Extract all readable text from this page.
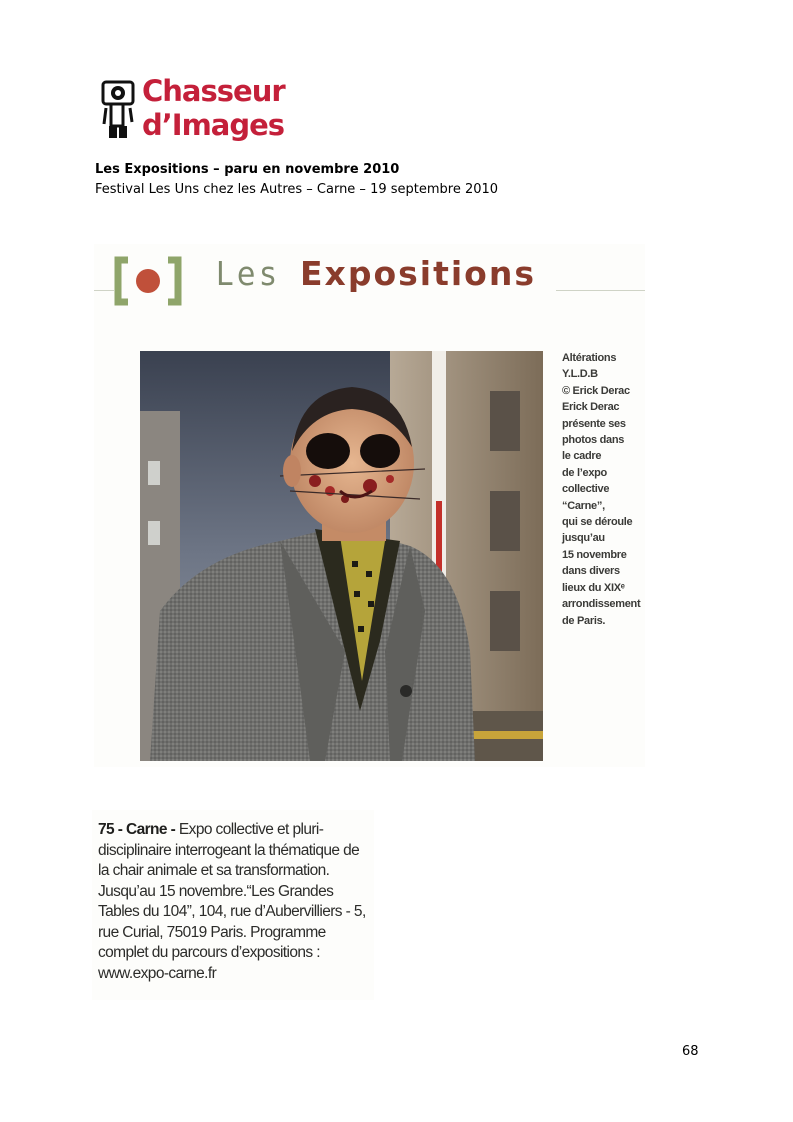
Chasseur
d’Images
Les Expositions – paru en novembre 2010
Festival Les Uns chez les Autres – Carne – 19 septembre 2010
Les Expositions
Altérations
Y.L.D.B
© Erick Derac
Erick Derac
présente ses
photos dans
le cadre
de l’expo
collective
“Carne”,
qui se déroule
jusqu’au
15 novembre
dans divers
lieux du XIXᵉ
arrondissement
de Paris.
75 - Carne - Expo collective et pluri-disciplinaire interrogeant la thématique de la chair animale et sa transformation. Jusqu’au 15 novembre.“Les Grandes Tables du 104”, 104, rue d’Aubervilliers - 5, rue Curial, 75019 Paris. Programme complet du parcours d’expositions : www.expo-carne.fr
68
